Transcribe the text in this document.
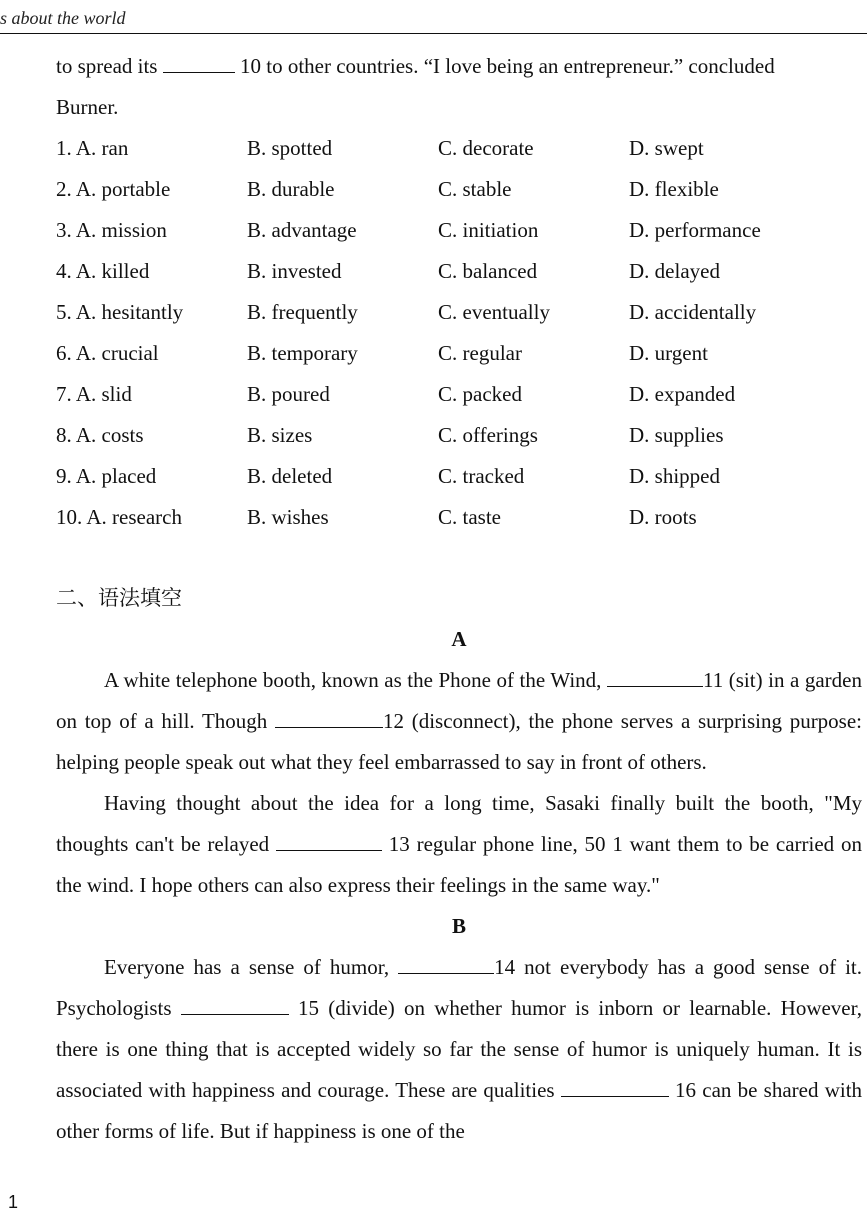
s about the world
to spread its	10 to other countries. “I love being an entrepreneur.” concluded
Burner.
1. A. ran	B. spotted	C. decorate	D. swept
2. A. portable	B. durable	C. stable	D. flexible
3. A. mission	B. advantage	C. initiation	D. performance
4. A. killed	B. invested	C. balanced	D. delayed
5. A. hesitantly	B. frequently	C. eventually	D. accidentally
6. A. crucial	B. temporary	C. regular	D. urgent
7. A. slid	B. poured	C. packed	D. expanded
8. A. costs	B. sizes	C. offerings	D. supplies
9. A. placed	B. deleted	C. tracked	D. shipped
10. A. research	B. wishes	C. taste	D. roots
二、语法填空
A
A white telephone booth, known as the Phone of the Wind,	11 (sit) in a garden on top of a hill. Though	12 (disconnect), the phone serves a surprising purpose: helping people speak out what they feel embarrassed to say in front of others.
Having thought about the idea for a long time, Sasaki finally built the booth, "My thoughts can't be relayed	13 regular phone line, 50 1 want them to be carried on the wind. I hope others can also express their feelings in the same way."
B
Everyone has a sense of humor,	14 not everybody has a good sense of it. Psychologists	15 (divide) on whether humor is inborn or learnable. However, there is one thing that is accepted widely so far the sense of humor is uniquely human. It is associated with happiness and courage. These are qualities	16 can be shared with other forms of life. But if happiness is one of the
1
